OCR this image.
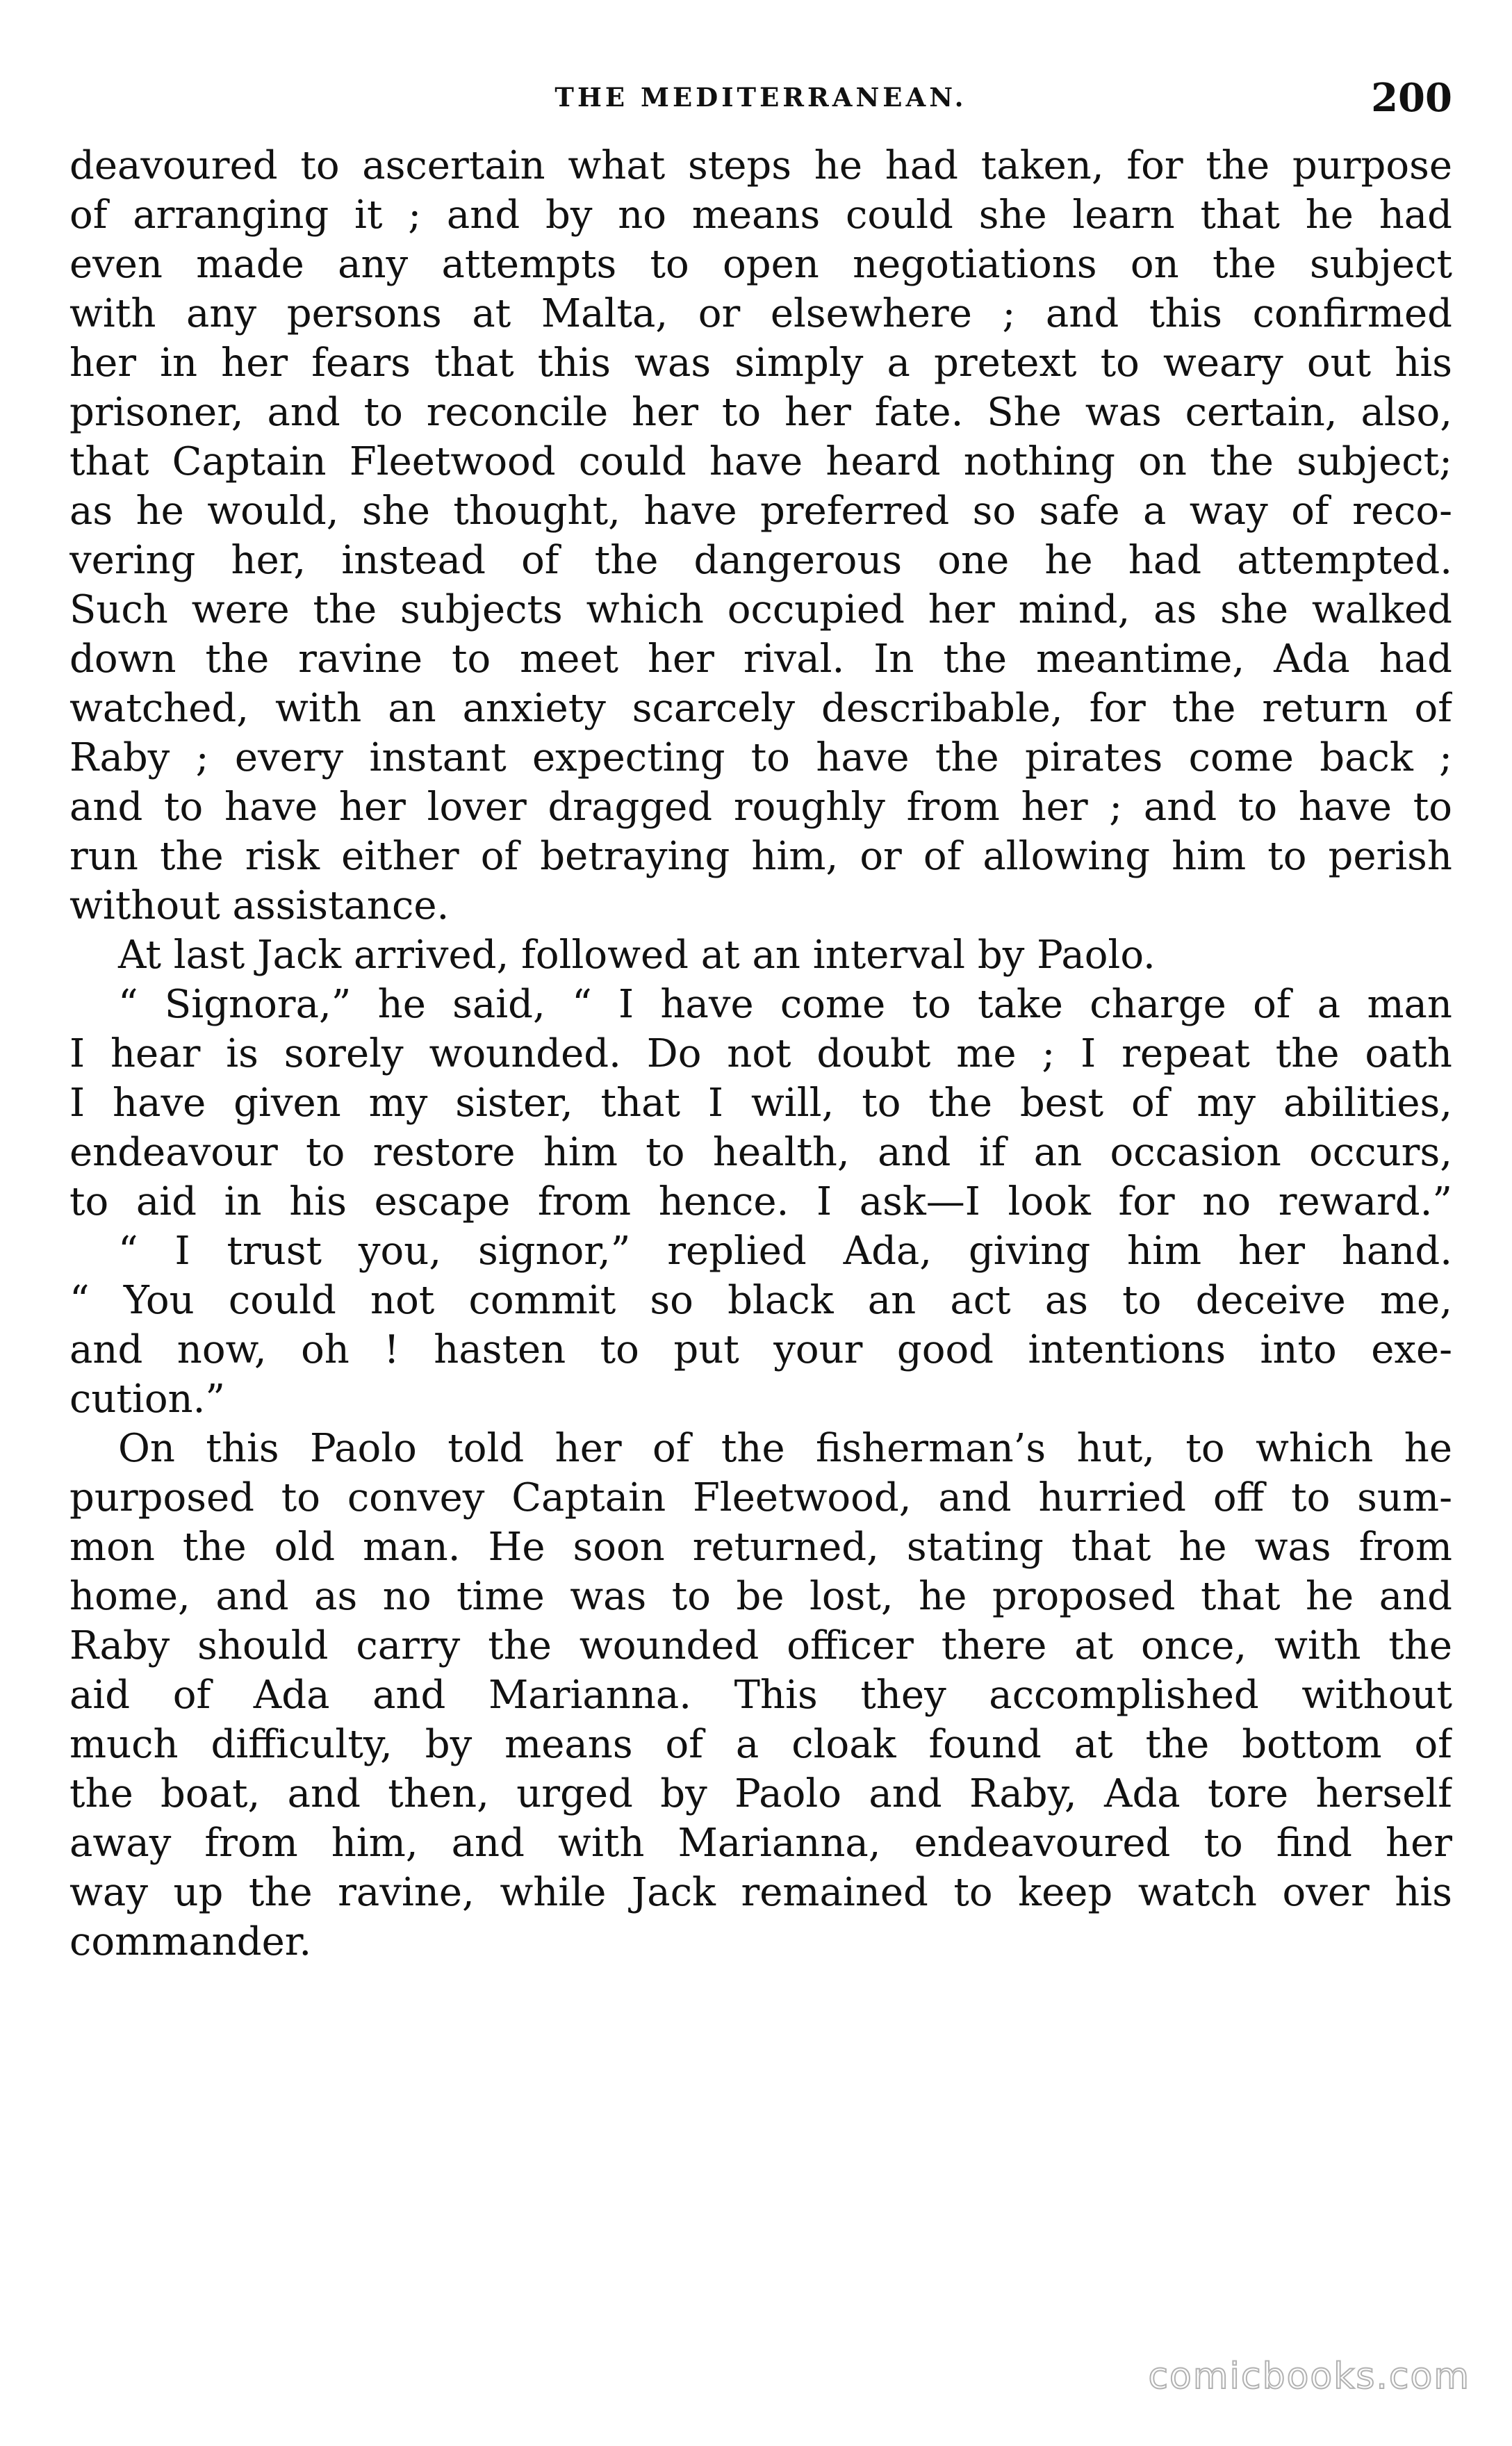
THE MEDITERRANEAN.	200
deavoured to ascertain what steps he had taken, for the purpose
of arranging it ; and by no means could she learn that he had
even made any attempts to open negotiations on the subject
with any persons at Malta, or elsewhere ; and this confirmed
her in her fears that this was simply a pretext to weary out his
prisoner, and to reconcile her to her fate. She was certain, also,
that Captain Fleetwood could have heard nothing on the subject;
as he would, she thought, have preferred so safe a way of reco-
vering her, instead of the dangerous one he had attempted.
Such were the subjects which occupied her mind, as she walked
down the ravine to meet her rival. In the meantime, Ada had
watched, with an anxiety scarcely describable, for the return of
Raby ; every instant expecting to have the pirates come back ;
and to have her lover dragged roughly from her ; and to have to
run the risk either of betraying him, or of allowing him to perish
without assistance.
At last Jack arrived, followed at an interval by Paolo.
“ Signora,” he said, “ I have come to take charge of a man
I hear is sorely wounded. Do not doubt me ; I repeat the oath
I have given my sister, that I will, to the best of my abilities,
endeavour to restore him to health, and if an occasion occurs,
to aid in his escape from hence. I ask—I look for no reward.”
“ I trust you, signor,” replied Ada, giving him her hand.
“ You could not commit so black an act as to deceive me,
and now, oh ! hasten to put your good intentions into exe-
cution.”
On this Paolo told her of the fisherman’s hut, to which he
purposed to convey Captain Fleetwood, and hurried off to sum-
mon the old man. He soon returned, stating that he was from
home, and as no time was to be lost, he proposed that he and
Raby should carry the wounded officer there at once, with the
aid of Ada and Marianna. This they accomplished without
much difficulty, by means of a cloak found at the bottom of
the boat, and then, urged by Paolo and Raby, Ada tore herself
away from him, and with Marianna, endeavoured to find her
way up the ravine, while Jack remained to keep watch over his
commander.
comicbooks.com
